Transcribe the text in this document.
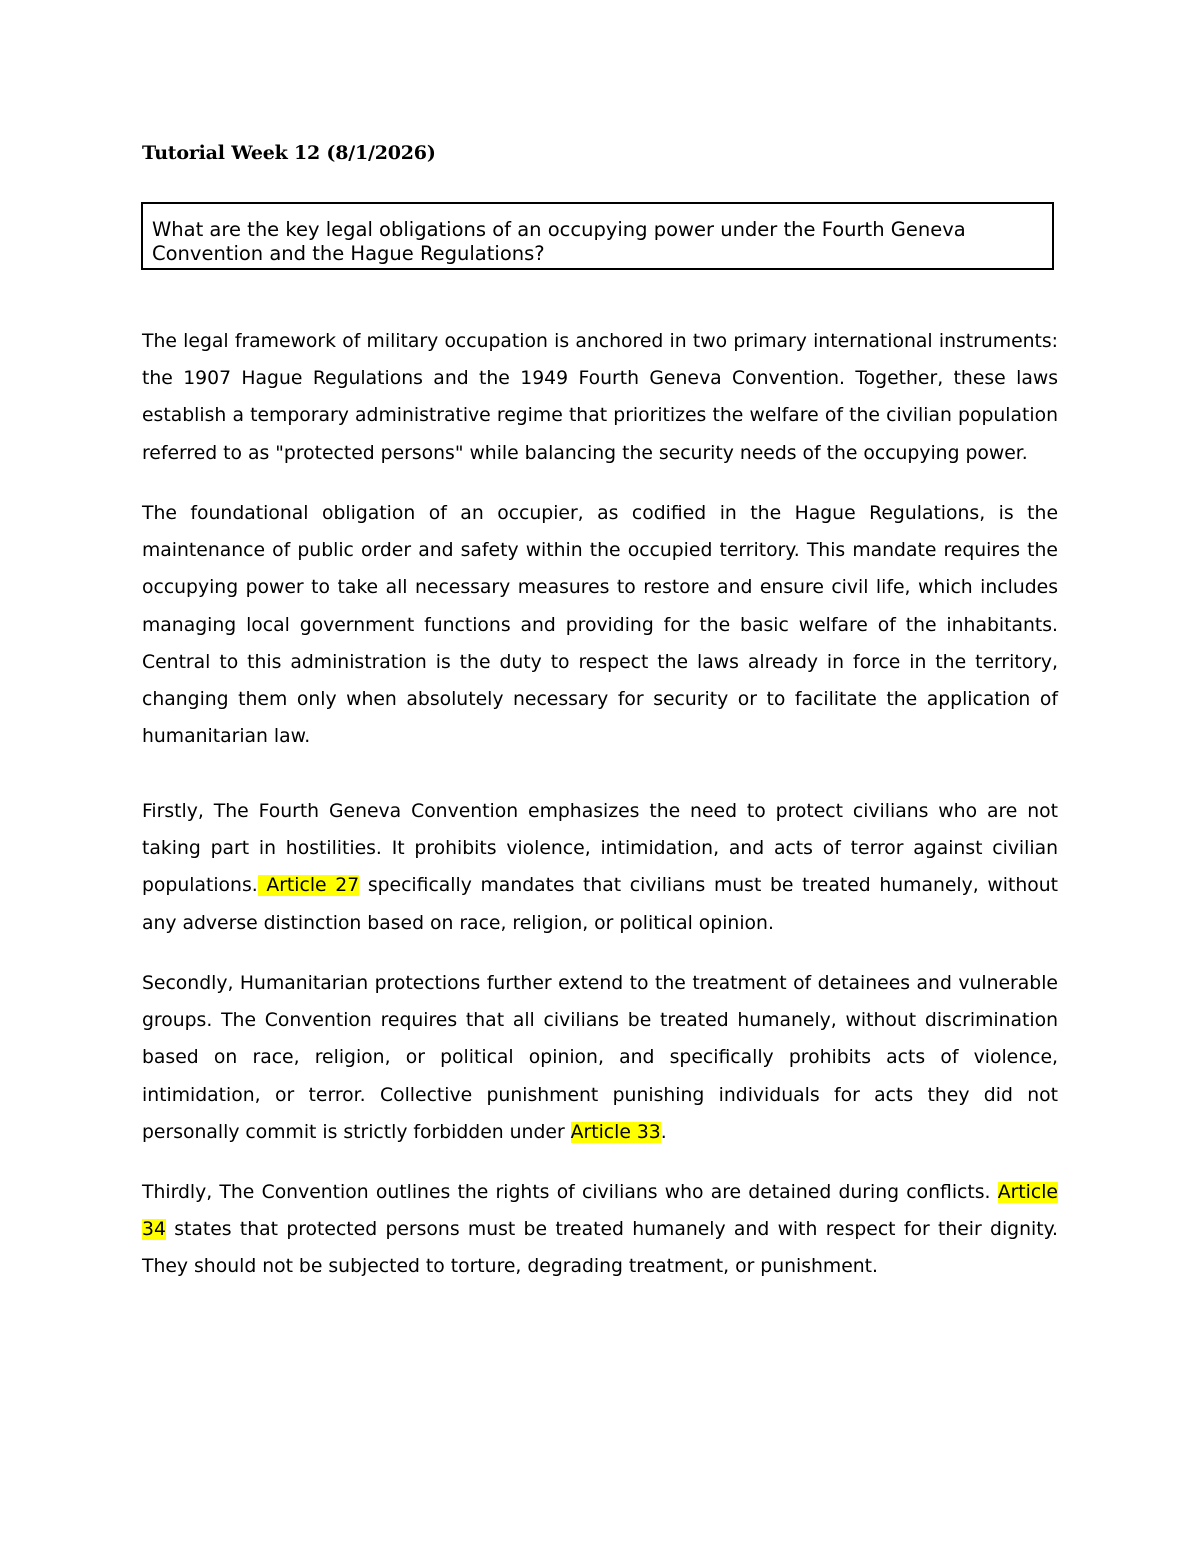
Tutorial Week 12 (8/1/2026)
What are the key legal obligations of an occupying power under the Fourth Geneva Convention and the Hague Regulations?

The legal framework of military occupation is anchored in two primary international instruments: the 1907 Hague Regulations and the 1949 Fourth Geneva Convention. Together, these laws establish a temporary administrative regime that prioritizes the welfare of the civilian population referred to as "protected persons" while balancing the security needs of the occupying power.

The foundational obligation of an occupier, as codified in the Hague Regulations, is the maintenance of public order and safety within the occupied territory. This mandate requires the occupying power to take all necessary measures to restore and ensure civil life, which includes managing local government functions and providing for the basic welfare of the inhabitants. Central to this administration is the duty to respect the laws already in force in the territory, changing them only when absolutely necessary for security or to facilitate the application of humanitarian law.

Firstly, The Fourth Geneva Convention emphasizes the need to protect civilians who are not taking part in hostilities. It prohibits violence, intimidation, and acts of terror against civilian populations. Article 27 specifically mandates that civilians must be treated humanely, without any adverse distinction based on race, religion, or political opinion.

Secondly, Humanitarian protections further extend to the treatment of detainees and vulnerable groups. The Convention requires that all civilians be treated humanely, without discrimination based on race, religion, or political opinion, and specifically prohibits acts of violence, intimidation, or terror. Collective punishment punishing individuals for acts they did not personally commit is strictly forbidden under Article 33.

Thirdly, The Convention outlines the rights of civilians who are detained during conflicts. Article 34 states that protected persons must be treated humanely and with respect for their dignity. They should not be subjected to torture, degrading treatment, or punishment.
